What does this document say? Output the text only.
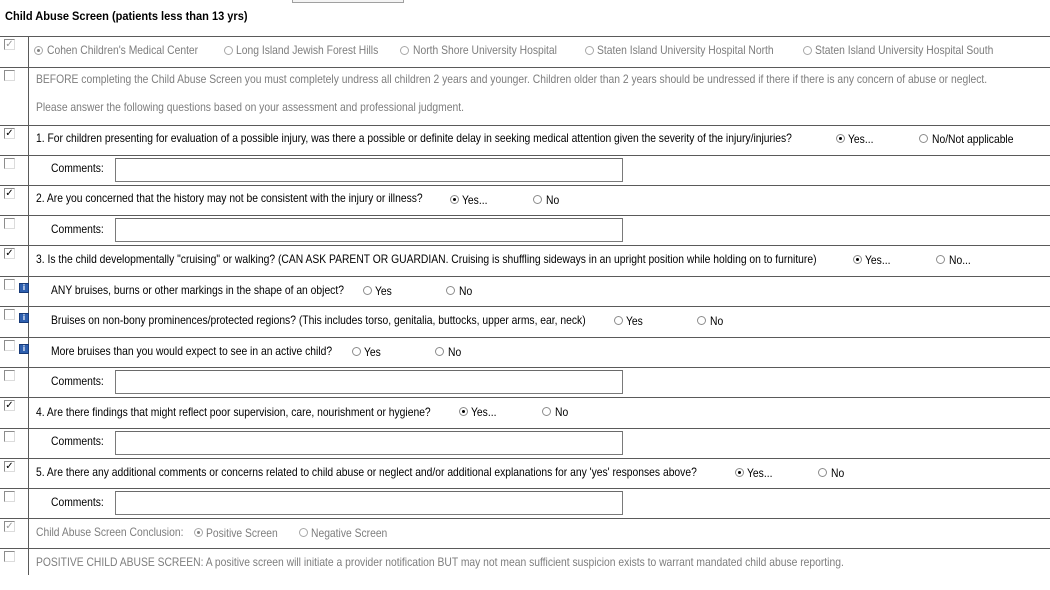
Child Abuse Screen (patients less than 13 yrs)
✓	Cohen Children's Medical Center	Long Island Jewish Forest Hills	North Shore University Hospital	Staten Island University Hospital North	Staten Island University Hospital South
BEFORE completing the Child Abuse Screen you must completely undress all children 2 years and younger. Children older than 2 years should be undressed if there if there is any concern of abuse or neglect.
Please answer the following questions based on your assessment and professional judgment.
✓ 1. For children presenting for evaluation of a possible injury, was there a possible or definite delay in seeking medical attention given the severity of the injury/injuries?	Yes...	No/Not applicable
Comments:
✓ 2. Are you concerned that the history may not be consistent with the injury or illness?	Yes...	No
Comments:
✓ 3. Is the child developmentally "cruising" or walking? (CAN ASK PARENT OR GUARDIAN. Cruising is shuffling sideways in an upright position while holding on to furniture)	Yes...	No...
i	ANY bruises, burns or other markings in the shape of an object?	Yes	No
i	Bruises on non-bony prominences/protected regions? (This includes torso, genitalia, buttocks, upper arms, ear, neck)	Yes	No
i	More bruises than you would expect to see in an active child?	Yes	No
Comments:
✓ 4. Are there findings that might reflect poor supervision, care, nourishment or hygiene?	Yes...	No
Comments:
✓ 5. Are there any additional comments or concerns related to child abuse or neglect and/or additional explanations for any 'yes' responses above?	Yes...	No
Comments:
✓ Child Abuse Screen Conclusion: Positive Screen	Negative Screen
POSITIVE CHILD ABUSE SCREEN: A positive screen will initiate a provider notification BUT may not mean sufficient suspicion exists to warrant mandated child abuse reporting.
